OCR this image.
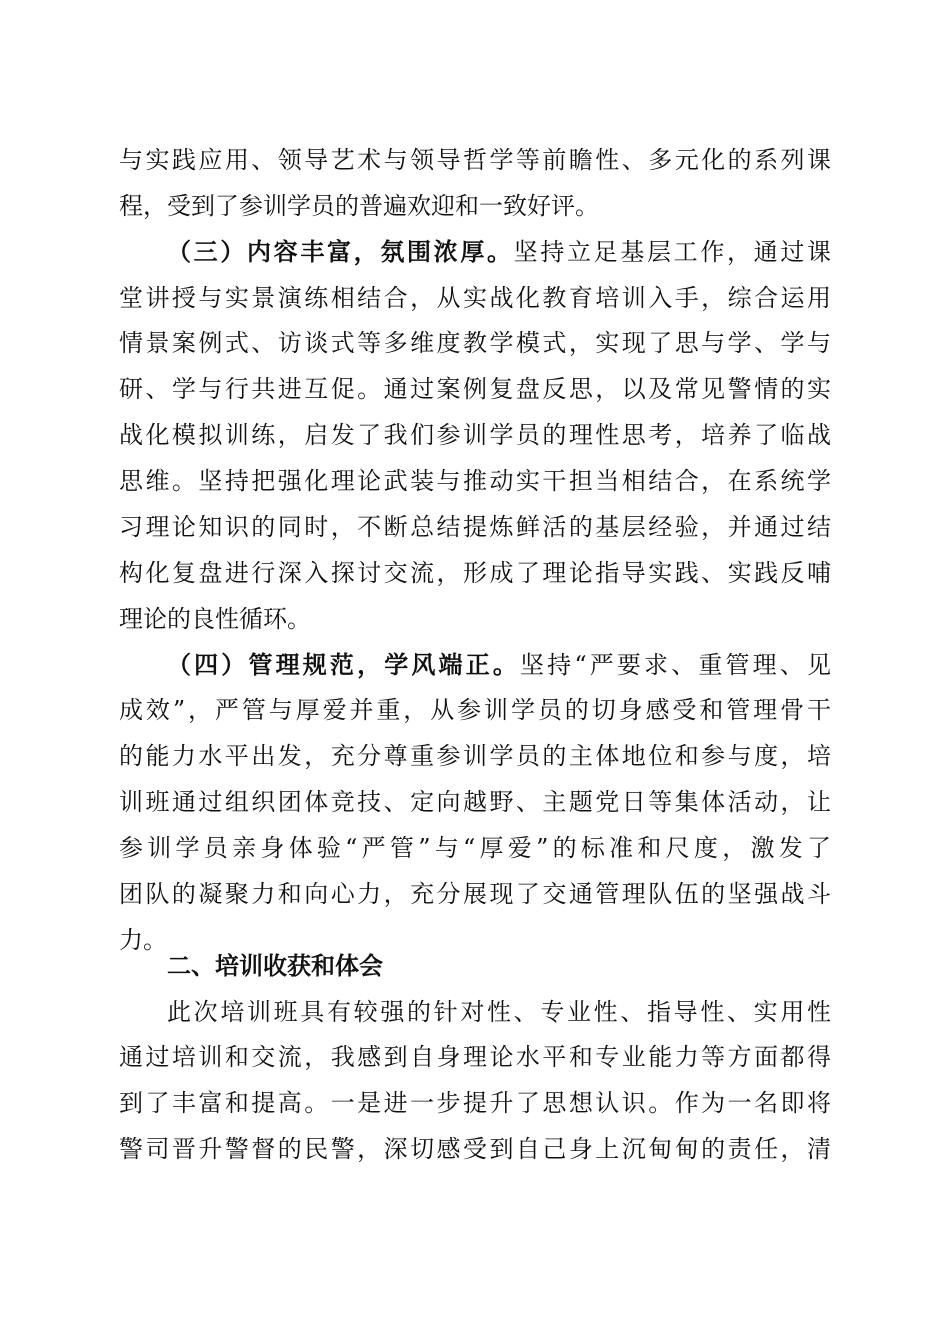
与实践应用、领导艺术与领导哲学等前瞻性、多元化的系列课
程，受到了参训学员的普遍欢迎和一致好评。
（三）内容丰富，氛围浓厚。坚持立足基层工作，通过课
堂讲授与实景演练相结合，从实战化教育培训入手，综合运用
情景案例式、访谈式等多维度教学模式，实现了思与学、学与
研、学与行共进互促。通过案例复盘反思，以及常见警情的实
战化模拟训练，启发了我们参训学员的理性思考，培养了临战
思维。坚持把强化理论武装与推动实干担当相结合，在系统学
习理论知识的同时，不断总结提炼鲜活的基层经验，并通过结
构化复盘进行深入探讨交流，形成了理论指导实践、实践反哺
理论的良性循环。
（四）管理规范，学风端正。坚持“严要求、重管理、见
成效”，严管与厚爱并重，从参训学员的切身感受和管理骨干
的能力水平出发，充分尊重参训学员的主体地位和参与度，培
训班通过组织团体竞技、定向越野、主题党日等集体活动，让
参训学员亲身体验“严管”与“厚爱”的标准和尺度，激发了
团队的凝聚力和向心力，充分展现了交通管理队伍的坚强战斗
力。
二、培训收获和体会
此次培训班具有较强的针对性、专业性、指导性、实用性
通过培训和交流，我感到自身理论水平和专业能力等方面都得
到了丰富和提高。一是进一步提升了思想认识。作为一名即将
警司晋升警督的民警，深切感受到自己身上沉甸甸的责任，清
